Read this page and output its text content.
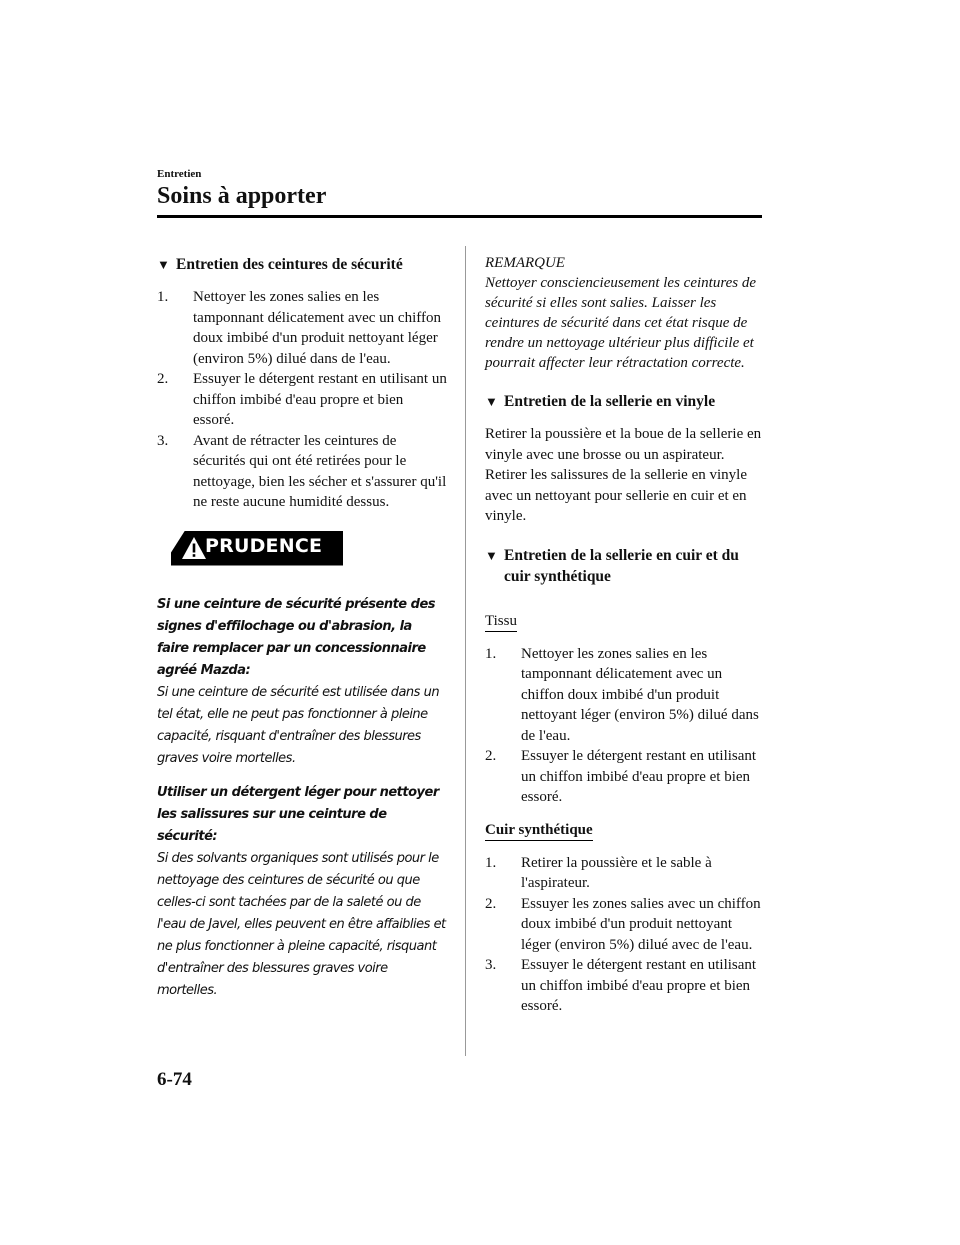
Entretien
Soins à apporter
▼ Entretien des ceintures de sécurité
1. Nettoyer les zones salies en les tamponnant délicatement avec un chiffon doux imbibé d'un produit nettoyant léger (environ 5%) dilué dans de l'eau.
2. Essuyer le détergent restant en utilisant un chiffon imbibé d'eau propre et bien essoré.
3. Avant de rétracter les ceintures de sécurités qui ont été retirées pour le nettoyage, bien les sécher et s'assurer qu'il ne reste aucune humidité dessus.
PRUDENCE

Si une ceinture de sécurité présente des signes d'effilochage ou d'abrasion, la faire remplacer par un concessionnaire agréé Mazda:

Si une ceinture de sécurité est utilisée dans un tel état, elle ne peut pas fonctionner à pleine capacité, risquant d'entraîner des blessures graves voire mortelles.

Utiliser un détergent léger pour nettoyer les salissures sur une ceinture de sécurité:

Si des solvants organiques sont utilisés pour le nettoyage des ceintures de sécurité ou que celles-ci sont tachées par de la saleté ou de l'eau de Javel, elles peuvent en être affaiblies et ne plus fonctionner à pleine capacité, risquant d'entraîner des blessures graves voire mortelles.

REMARQUE
Nettoyer consciencieusement les ceintures de sécurité si elles sont salies. Laisser les ceintures de sécurité dans cet état risque de rendre un nettoyage ultérieur plus difficile et pourrait affecter leur rétractation correcte.
▼ Entretien de la sellerie en vinyle

Retirer la poussière et la boue de la sellerie en vinyle avec une brosse ou un aspirateur. Retirer les salissures de la sellerie en vinyle avec un nettoyant pour sellerie en cuir et en vinyle.

▼ Entretien de la sellerie en cuir et du cuir synthétique
Tissu
1. Nettoyer les zones salies en les tamponnant délicatement avec un chiffon doux imbibé d'un produit nettoyant léger (environ 5%) dilué dans de l'eau.
2. Essuyer le détergent restant en utilisant un chiffon imbibé d'eau propre et bien essoré.
Cuir synthétique
1. Retirer la poussière et le sable à l'aspirateur.
2. Essuyer les zones salies avec un chiffon doux imbibé d'un produit nettoyant léger (environ 5%) dilué avec de l'eau.
3. Essuyer le détergent restant en utilisant un chiffon imbibé d'eau propre et bien essoré.
6-74
